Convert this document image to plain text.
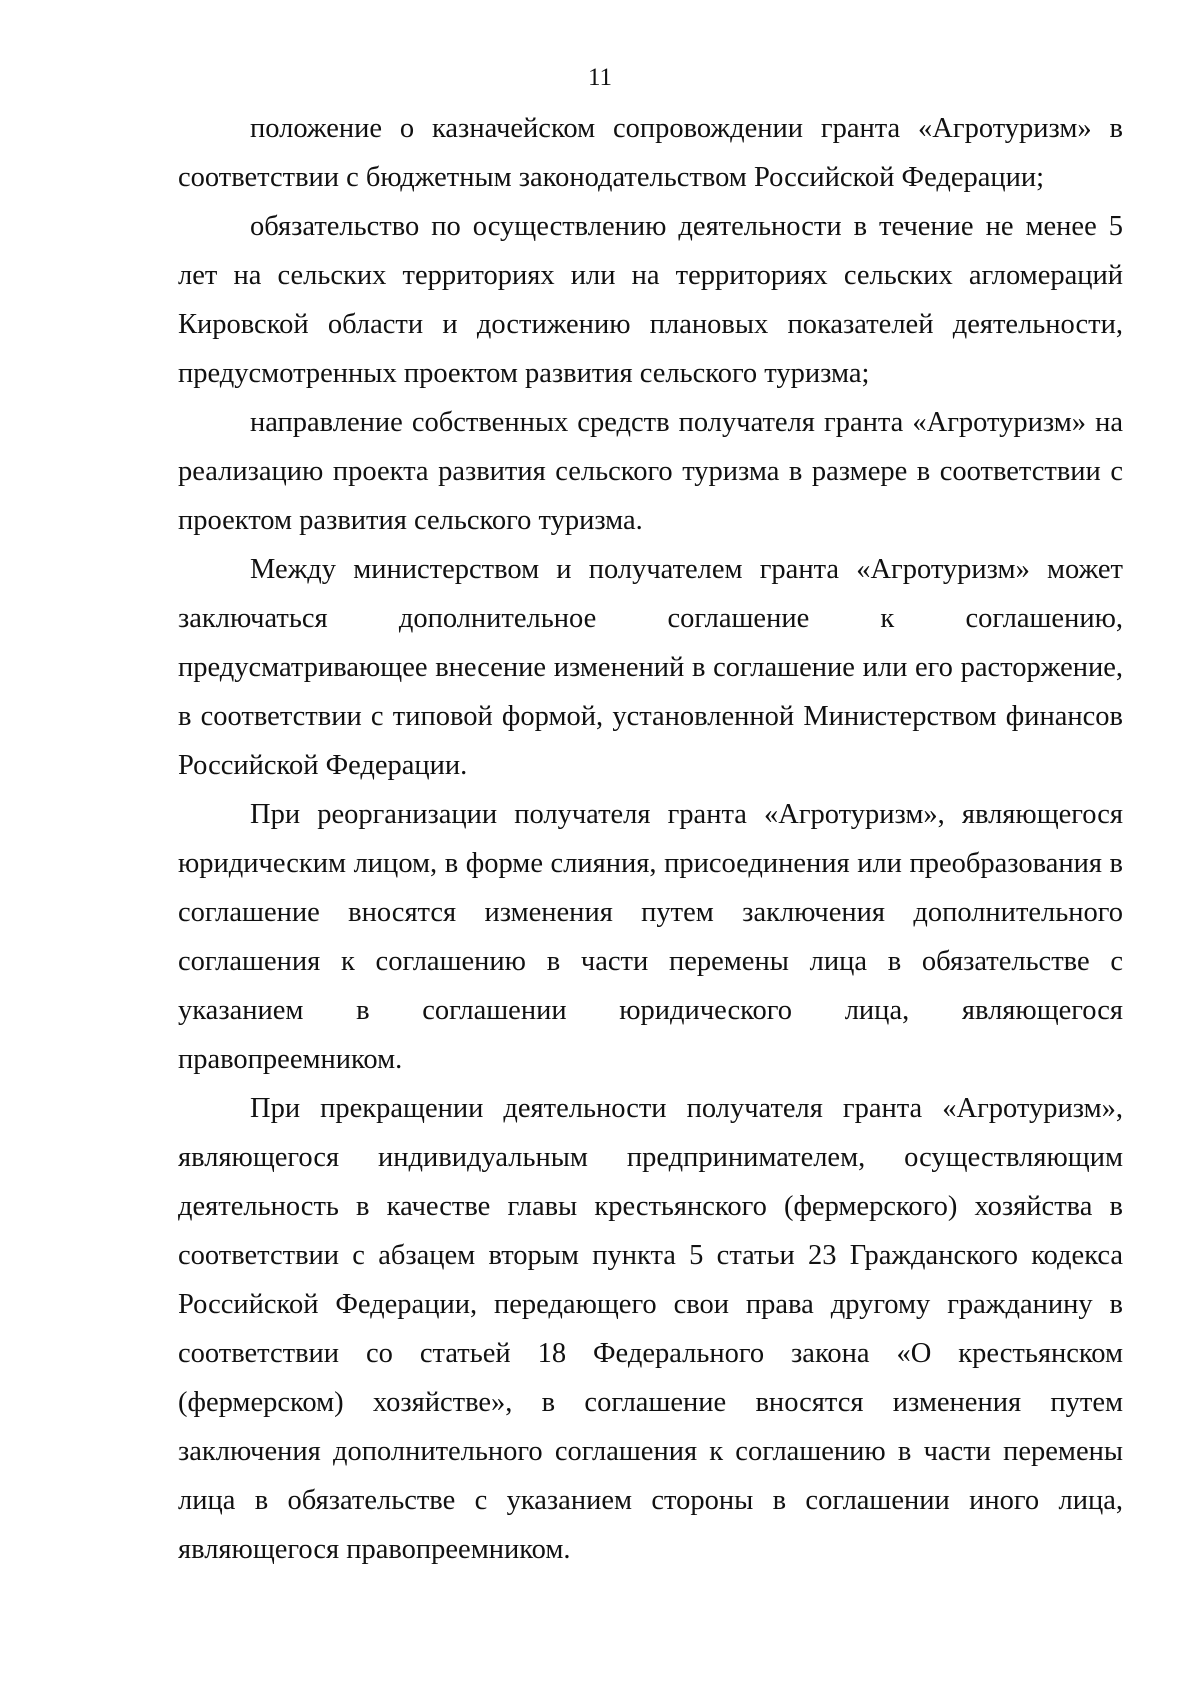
11

положение о казначейском сопровождении гранта «Агротуризм» в соответствии с бюджетным законодательством Российской Федерации;

обязательство по осуществлению деятельности в течение не менее 5 лет на сельских территориях или на территориях сельских агломераций Кировской области и достижению плановых показателей деятельности, предусмотренных проектом развития сельского туризма;

направление собственных средств получателя гранта «Агротуризм» на реализацию проекта развития сельского туризма в размере в соответствии с проектом развития сельского туризма.

Между министерством и получателем гранта «Агротуризм» может заключаться дополнительное соглашение к соглашению, предусматривающее внесение изменений в соглашение или его расторжение, в соответствии с типовой формой, установленной Министерством финансов Российской Федерации.

При реорганизации получателя гранта «Агротуризм», являющегося юридическим лицом, в форме слияния, присоединения или преобразования в соглашение вносятся изменения путем заключения дополнительного соглашения к соглашению в части перемены лица в обязательстве с указанием в соглашении юридического лица, являющегося правопреемником.

При прекращении деятельности получателя гранта «Агротуризм», являющегося индивидуальным предпринимателем, осуществляющим деятельность в качестве главы крестьянского (фермерского) хозяйства в соответствии с абзацем вторым пункта 5 статьи 23 Гражданского кодекса Российской Федерации, передающего свои права другому гражданину в соответствии со статьей 18 Федерального закона «О крестьянском (фермерском) хозяйстве», в соглашение вносятся изменения путем заключения дополнительного соглашения к соглашению в части перемены лица в обязательстве с указанием стороны в соглашении иного лица, являющегося правопреемником.
